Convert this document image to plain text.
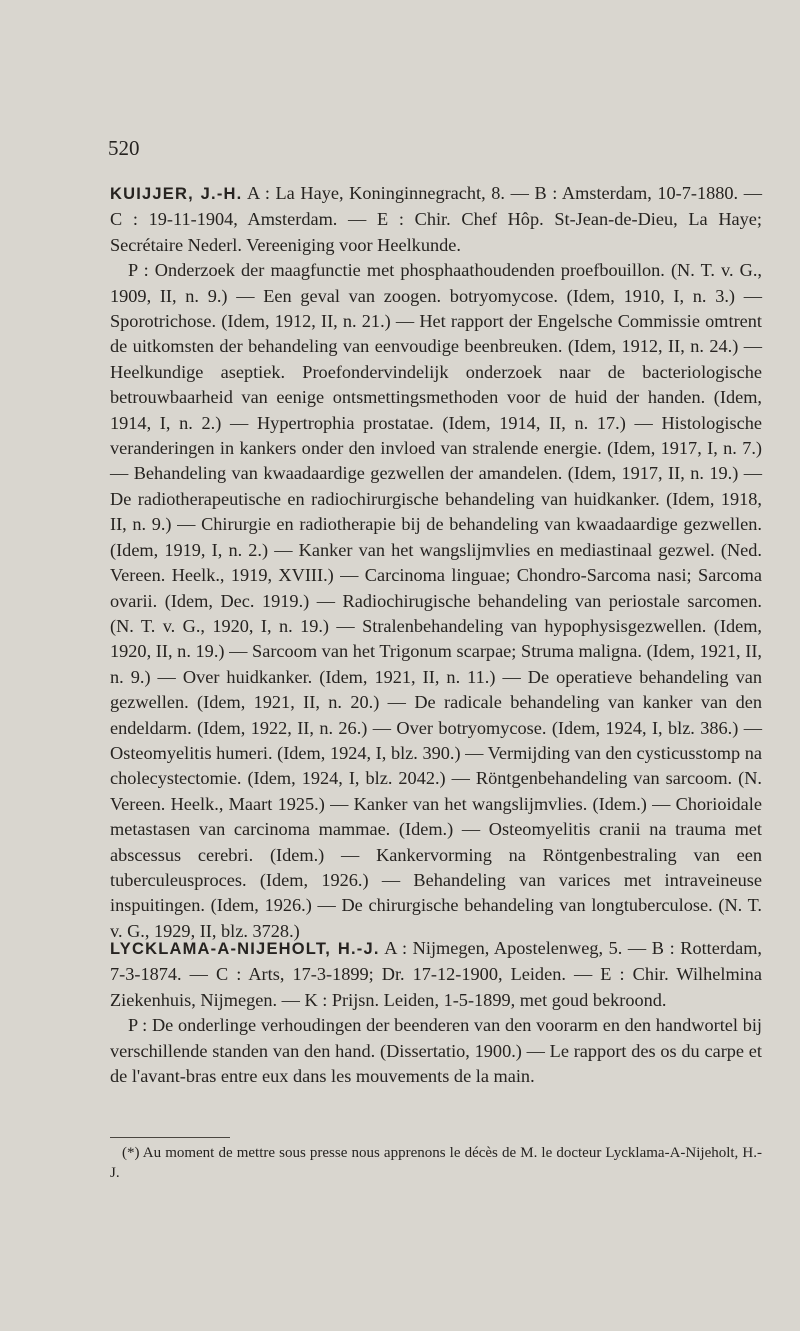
520

KUIJJER, J.-H. A : La Haye, Koninginnegracht, 8. — B : Amsterdam, 10-7-1880. — C : 19-11-1904, Amsterdam. — E : Chir. Chef Hôp. St-Jean-de-Dieu, La Haye; Secrétaire Nederl. Vereeniging voor Heelkunde.

P : Onderzoek der maagfunctie met phosphaathoudenden proefbouillon. (N. T. v. G., 1909, II, n. 9.) — Een geval van zoogen. botryomycose. (Idem, 1910, I, n. 3.) — Sporotrichose. (Idem, 1912, II, n. 21.) — Het rapport der Engelsche Commissie omtrent de uitkomsten der behandeling van eenvoudige beenbreuken. (Idem, 1912, II, n. 24.) — Heelkundige aseptiek. Proefondervindelijk onderzoek naar de bacteriologische betrouwbaarheid van eenige ontsmettingsmethoden voor de huid der handen. (Idem, 1914, I, n. 2.) — Hypertrophia prostatae. (Idem, 1914, II, n. 17.) — Histologische veranderingen in kankers onder den invloed van stralende energie. (Idem, 1917, I, n. 7.) — Behandeling van kwaadaardige gezwellen der amandelen. (Idem, 1917, II, n. 19.) — De radiotherapeutische en radiochirurgische behandeling van huidkanker. (Idem, 1918, II, n. 9.) — Chirurgie en radiotherapie bij de behandeling van kwaadaardige gezwellen. (Idem, 1919, I, n. 2.) — Kanker van het wangslijmvlies en mediastinaal gezwel. (Ned. Vereen. Heelk., 1919, XVIII.) — Carcinoma linguae; Chondro-Sarcoma nasi; Sarcoma ovarii. (Idem, Dec. 1919.) — Radiochirugische behandeling van periostale sarcomen. (N. T. v. G., 1920, I, n. 19.) — Stralenbehandeling van hypophysisgezwellen. (Idem, 1920, II, n. 19.) — Sarcoom van het Trigonum scarpae; Struma maligna. (Idem, 1921, II, n. 9.) — Over huidkanker. (Idem, 1921, II, n. 11.) — De operatieve behandeling van gezwellen. (Idem, 1921, II, n. 20.) — De radicale behandeling van kanker van den endeldarm. (Idem, 1922, II, n. 26.) — Over botryomycose. (Idem, 1924, I, blz. 386.) — Osteomyelitis humeri. (Idem, 1924, I, blz. 390.) — Vermijding van den cysticusstomp na cholecystectomie. (Idem, 1924, I, blz. 2042.) — Röntgenbehandeling van sarcoom. (N. Vereen. Heelk., Maart 1925.) — Kanker van het wangslijmvlies. (Idem.) — Chorioidale metastasen van carcinoma mammae. (Idem.) — Osteomyelitis cranii na trauma met abscessus cerebri. (Idem.) — Kankervorming na Röntgenbestraling van een tuberculeusproces. (Idem, 1926.) — Behandeling van varices met intraveineuse inspuitingen. (Idem, 1926.) — De chirurgische behandeling van longtuberculose. (N. T. v. G., 1929, II, blz. 3728.)

LYCKLAMA-A-NIJEHOLT, H.-J. A : Nijmegen, Apostelenweg, 5. — B : Rotterdam, 7-3-1874. — C : Arts, 17-3-1899; Dr. 17-12-1900, Leiden. — E : Chir. Wilhelmina Ziekenhuis, Nijmegen. — K : Prijsn. Leiden, 1-5-1899, met goud bekroond.

P : De onderlinge verhoudingen der beenderen van den voorarm en den handwortel bij verschillende standen van den hand. (Dissertatio, 1900.) — Le rapport des os du carpe et de l'avant-bras entre eux dans les mouvements de la main.

(*) Au moment de mettre sous presse nous apprenons le décès de M. le docteur Lycklama-A-Nijeholt, H.-J.
